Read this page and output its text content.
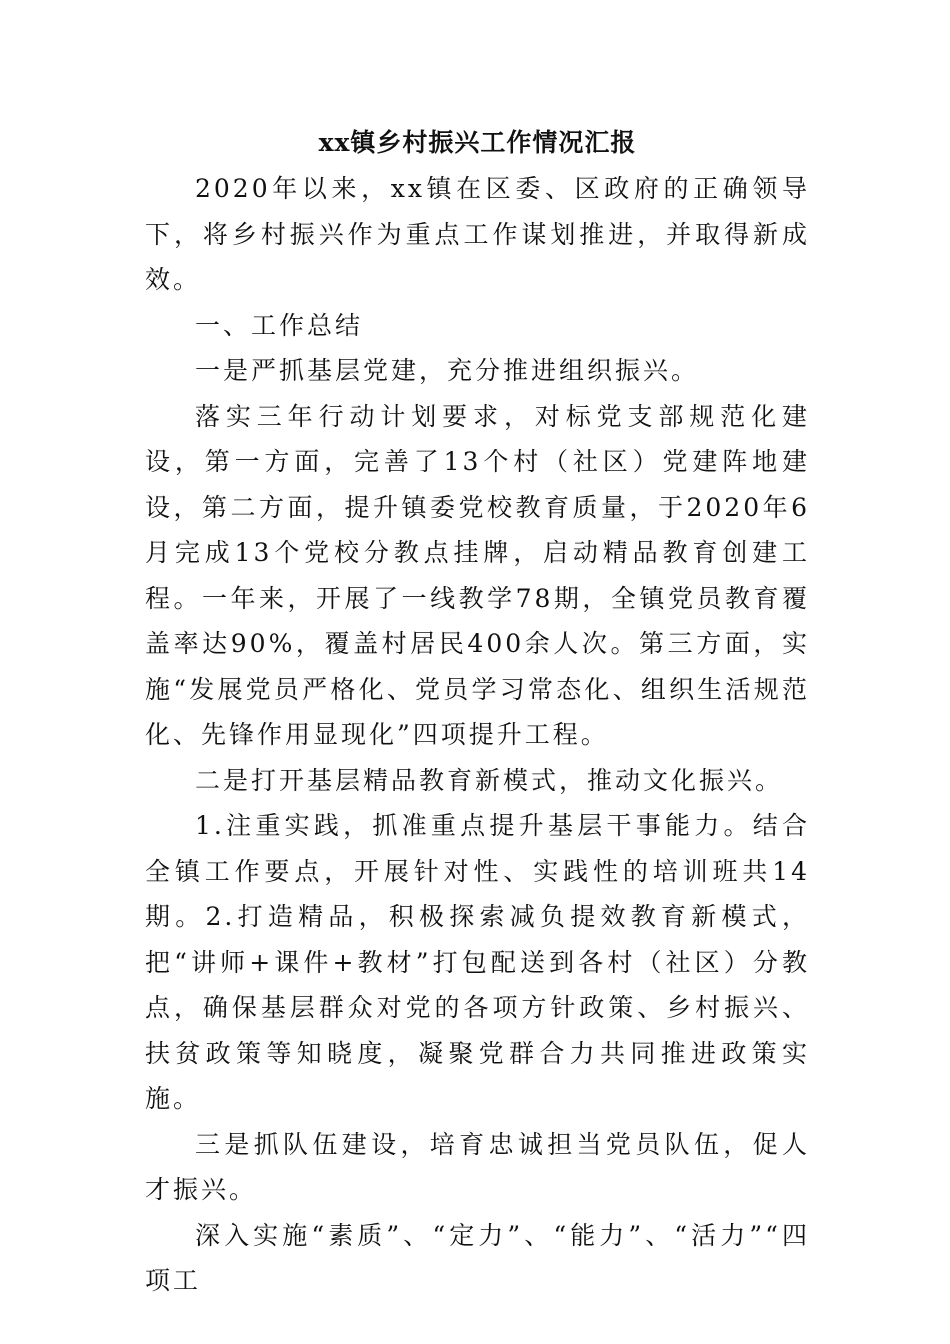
xx镇乡村振兴工作情况汇报

2020年以来，xx镇在区委、区政府的正确领导下，将乡村振兴作为重点工作谋划推进，并取得新成效。

一、工作总结

一是严抓基层党建，充分推进组织振兴。

落实三年行动计划要求，对标党支部规范化建设，第一方面，完善了13个村（社区）党建阵地建设，第二方面，提升镇委党校教育质量，于2020年6月完成13个党校分教点挂牌，启动精品教育创建工程。一年来，开展了一线教学78期，全镇党员教育覆盖率达90%，覆盖村居民400余人次。第三方面，实施“发展党员严格化、党员学习常态化、组织生活规范化、先锋作用显现化”四项提升工程。

二是打开基层精品教育新模式，推动文化振兴。

1.注重实践，抓准重点提升基层干事能力。结合全镇工作要点，开展针对性、实践性的培训班共14期。2.打造精品，积极探索减负提效教育新模式，把“讲师+课件+教材”打包配送到各村（社区）分教点，确保基层群众对党的各项方针政策、乡村振兴、扶贫政策等知晓度，凝聚党群合力共同推进政策实施。

三是抓队伍建设，培育忠诚担当党员队伍，促人才振兴。

深入实施“素质”、“定力”、“能力”、“活力”“四项工
